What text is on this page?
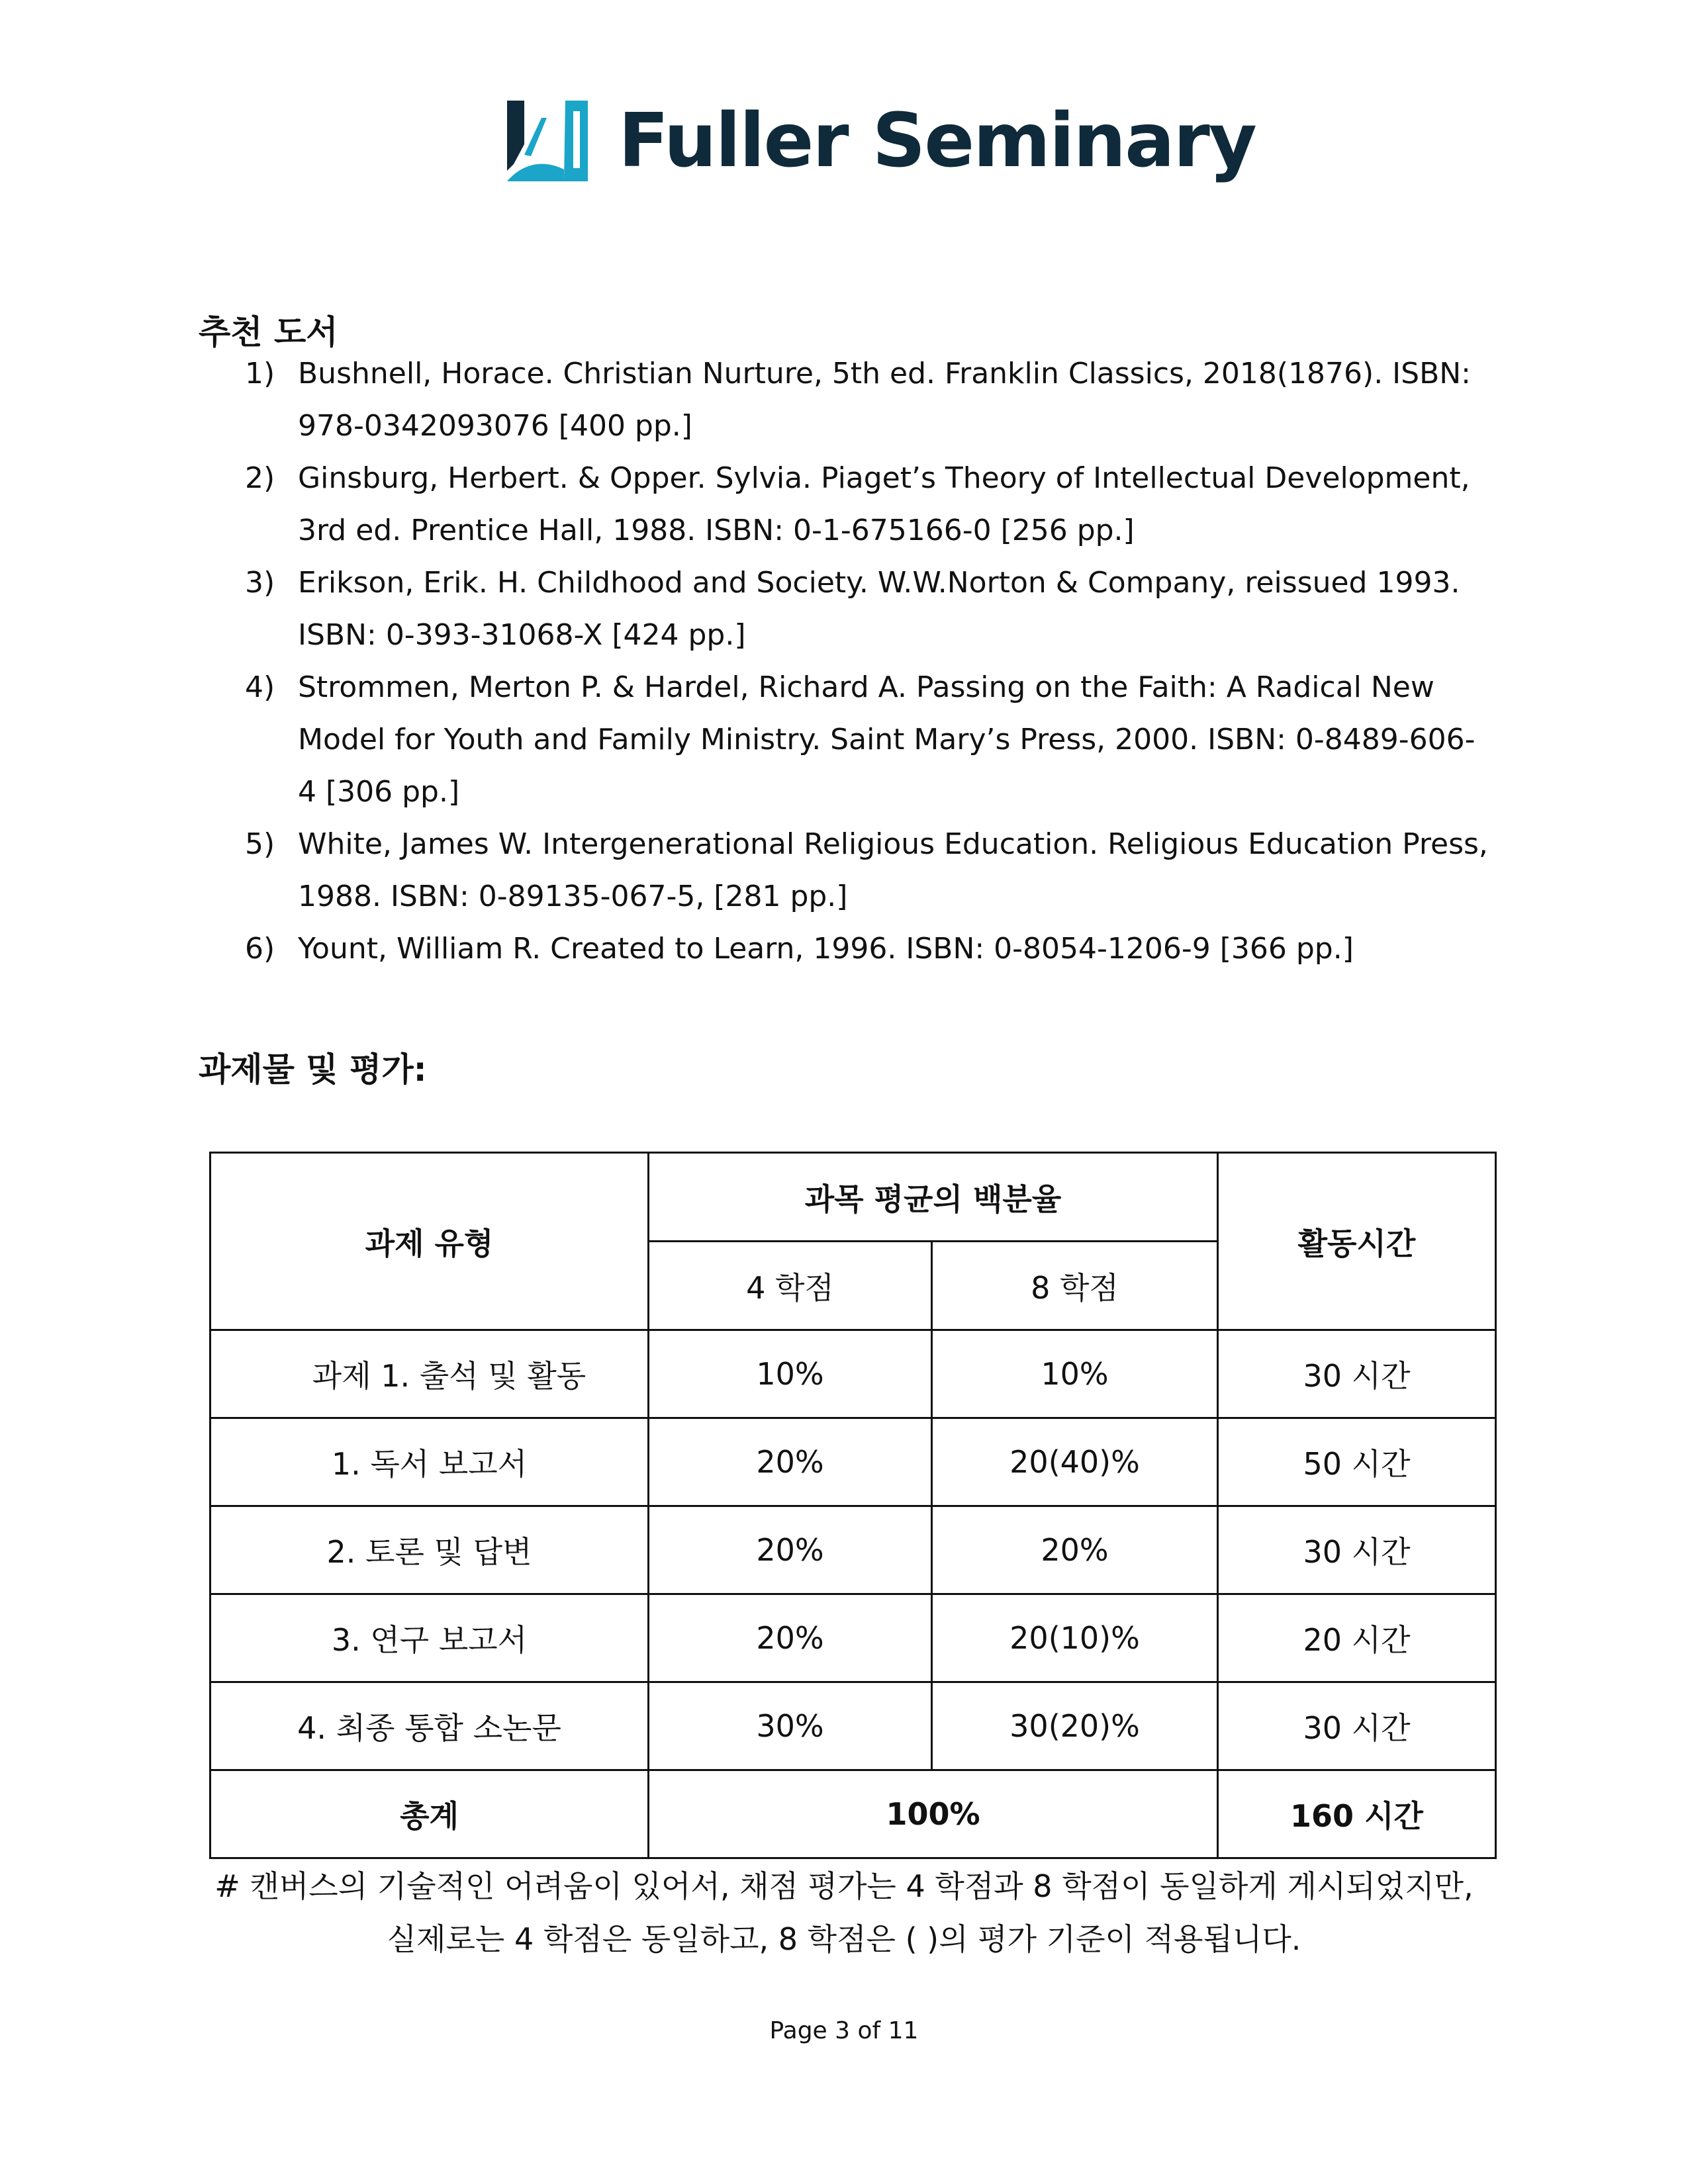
Fuller Seminary
추천 도서
1) Bushnell, Horace. Christian Nurture, 5th ed. Franklin Classics, 2018(1876). ISBN: 978-0342093076 [400 pp.]
2) Ginsburg, Herbert. & Opper. Sylvia. Piaget’s Theory of Intellectual Development, 3rd ed. Prentice Hall, 1988. ISBN: 0-1-675166-0 [256 pp.]
3) Erikson, Erik. H. Childhood and Society. W.W.Norton & Company, reissued 1993. ISBN: 0-393-31068-X [424 pp.]
4) Strommen, Merton P. & Hardel, Richard A. Passing on the Faith: A Radical New Model for Youth and Family Ministry. Saint Mary’s Press, 2000. ISBN: 0-8489-606-4 [306 pp.]
5) White, James W. Intergenerational Religious Education. Religious Education Press, 1988. ISBN: 0-89135-067-5, [281 pp.]
6) Yount, William R. Created to Learn, 1996. ISBN: 0-8054-1206-9 [366 pp.]
과제물 및 평가:
과제 유형	과목 평균의 백분율		활동시간
	4 학점	8 학점	
과제 1. 출석 및 활동	10%	10%	30 시간
1. 독서 보고서	20%	20(40)%	50 시간
2. 토론 및 답변	20%	20%	30 시간
3. 연구 보고서	20%	20(10)%	20 시간
4. 최종 통합 소논문	30%	30(20)%	30 시간
총계	100%		160 시간
# 캔버스의 기술적인 어려움이 있어서, 채점 평가는 4 학점과 8 학점이 동일하게 게시되었지만,
실제로는 4 학점은 동일하고, 8 학점은 ( )의 평가 기준이 적용됩니다.
Page 3 of 11
